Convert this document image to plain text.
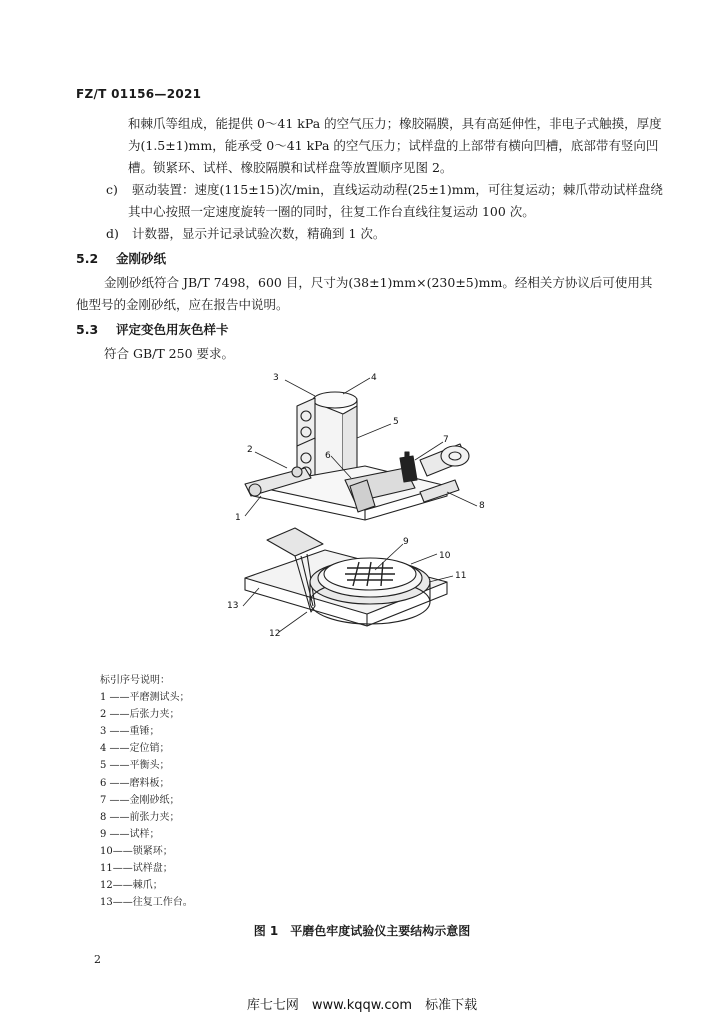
FZ/T 01156—2021
和棘爪等组成，能提供 0～41 kPa 的空气压力；橡胶隔膜，具有高延伸性，非电子式触摸，厚度
为(1.5±1)mm，能承受 0～41 kPa 的空气压力；试样盘的上部带有横向凹槽，底部带有竖向凹
槽。锁紧环、试样、橡胶隔膜和试样盘等放置顺序见图 2。
c) 驱动装置：速度(115±15)次/min，直线运动动程(25±1)mm，可往复运动；棘爪带动试样盘绕
其中心按照一定速度旋转一圈的同时，往复工作台直线往复运动 100 次。
d) 计数器，显示并记录试验次数，精确到 1 次。
5.2 金刚砂纸
金刚砂纸符合 JB/T 7498，600 目，尺寸为(38±1)mm×(230±5)mm。经相关方协议后可使用其
他型号的金刚砂纸，应在报告中说明。
5.3 评定变色用灰色样卡
符合 GB/T 250 要求。
3	4
5
2
6
7
8
1
9
10
11
12
13
标引序号说明：
1 ——平磨测试头；
2 ——后张力夹；
3 ——重锤；
4 ——定位销；
5 ——平衡头；
6 ——磨料板；
7 ——金刚砂纸；
8 ——前张力夹；
9 ——试样；
10——锁紧环；
11——试样盘；
12——棘爪；
13——往复工作台。
图 1　平磨色牢度试验仪主要结构示意图
2
库七七网　www.kqqw.com　标准下载
